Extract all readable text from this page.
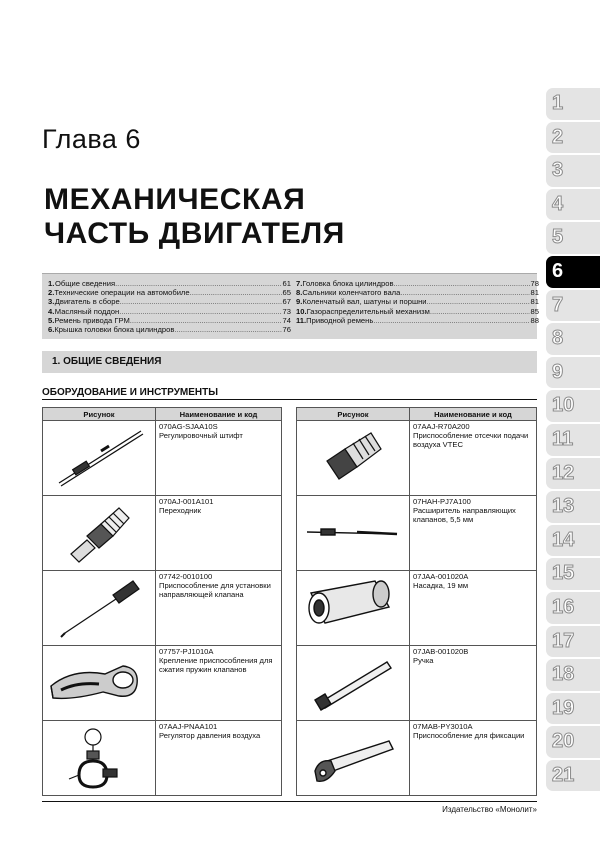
Глава 6
МЕХАНИЧЕСКАЯ
ЧАСТЬ ДВИГАТЕЛЯ
1. Общие сведения .....	61
2. Технические операции на автомобиле .....	65
3. Двигатель в сборе .....	67
4. Масляный поддон .....	73
5. Ремень привода ГРМ .....	74
6. Крышка головки блока цилиндров .....	76
7. Головка блока цилиндров .....	78
8. Сальники коленчатого вала .....	81
9. Коленчатый вал, шатуны и поршни .....	81
10. Газораспределительный механизм .....	85
11. Приводной ремень .....	88
1. ОБЩИЕ СВЕДЕНИЯ
ОБОРУДОВАНИЕ И ИНСТРУМЕНТЫ
Рисунок	Наименование и код

070AG-SJAA10S
Регулировочный штифт

070AJ-001A101
Переходник

07742-0010100
Приспособление для установки направляющей клапана

07757-PJ1010A
Крепление приспособления для сжатия пружин клапанов

07AAJ-PNAA101
Регулятор давления воздуха
Рисунок	Наименование и код

07AAJ-R70A200
Приспособление отсечки подачи воздуха VTEC

07HAH-PJ7A100
Расширитель направляющих клапанов, 5,5 мм

07JAA-001020A
Насадка, 19 мм

07JAB-001020B
Ручка

07MAB-PY3010A
Приспособление для фиксации
1
2
3
4
5
6
7
8
9
10
11
12
13
14
15
16
17
18
19
20
21
Издательство «Монолит»
